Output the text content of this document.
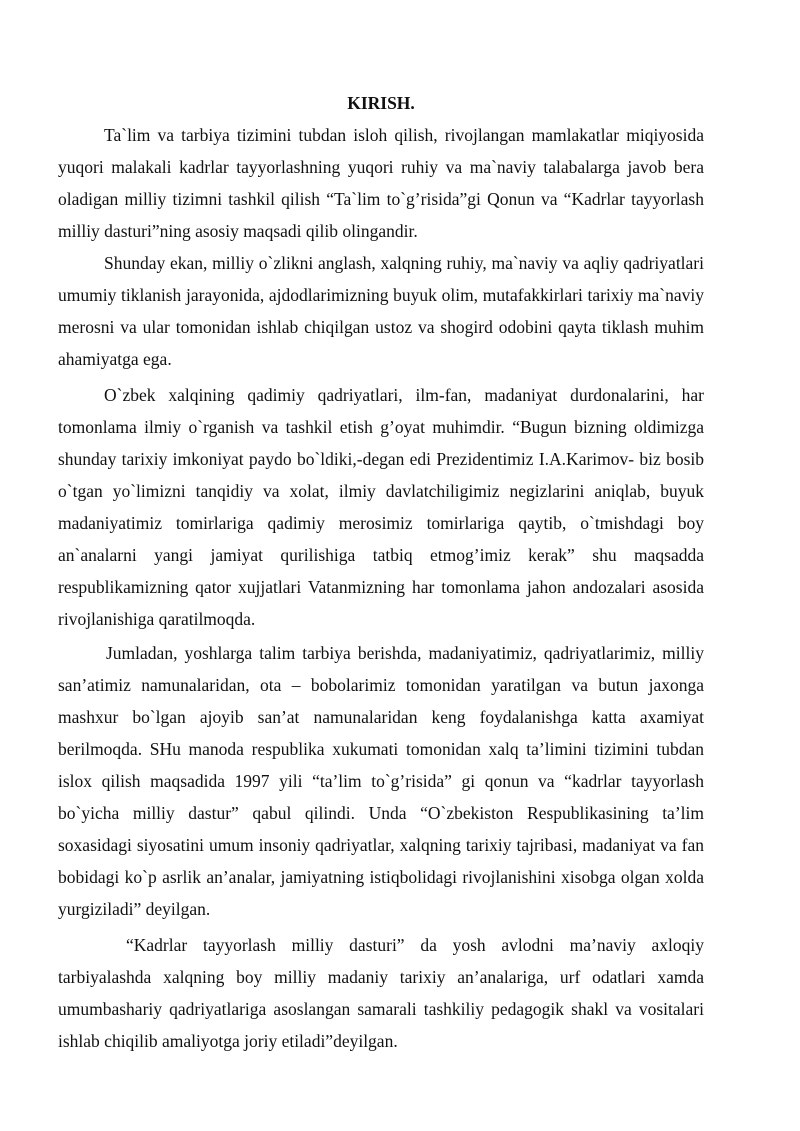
KIRISH.

Ta`lim va tarbiya tizimini tubdan isloh qilish, rivojlangan mamlakatlar miqiyosida yuqori malakali kadrlar tayyorlashning yuqori ruhiy va ma`naviy talabalarga javob bera oladigan milliy tizimni tashkil qilish “Ta`lim to`g’risida”gi Qonun va “Kadrlar tayyorlash milliy dasturi”ning asosiy maqsadi qilib olingandir.

Shunday ekan, milliy o`zlikni anglash, xalqning ruhiy, ma`naviy va aqliy qadriyatlari umumiy tiklanish jarayonida, ajdodlarimizning buyuk olim, mutafakkirlari tarixiy ma`naviy merosni va ular tomonidan ishlab chiqilgan ustoz va shogird odobini qayta tiklash muhim ahamiyatga ega.

O`zbek xalqining qadimiy qadriyatlari, ilm-fan, madaniyat durdonalarini, har tomonlama ilmiy o`rganish va tashkil etish g’oyat muhimdir. “Bugun bizning oldimizga shunday tarixiy imkoniyat paydo bo`ldiki,-degan edi Prezidentimiz I.A.Karimov- biz bosib o`tgan yo`limizni tanqidiy va xolat, ilmiy davlatchiligimiz negizlarini aniqlab, buyuk madaniyatimiz tomirlariga qadimiy merosimiz tomirlariga qaytib, o`tmishdagi boy an`analarni yangi jamiyat qurilishiga tatbiq etmog’imiz kerak” shu maqsadda respublikamizning qator xujjatlari Vatanmizning har tomonlama jahon andozalari asosida rivojlanishiga qaratilmoqda.

Jumladan, yoshlarga talim tarbiya berishda, madaniyatimiz, qadriyatlarimiz, milliy san’atimiz namunalaridan, ota – bobolarimiz tomonidan yaratilgan va butun jaxonga mashxur bo`lgan ajoyib san’at namunalaridan keng foydalanishga katta axamiyat berilmoqda. SHu manoda respublika xukumati tomonidan xalq ta’limini tizimini tubdan islox qilish maqsadida 1997 yili “ta’lim to`g’risida” gi qonun va “kadrlar tayyorlash bo`yicha milliy dastur” qabul qilindi. Unda “O`zbekiston Respublikasining ta’lim soxasidagi siyosatini umum insoniy qadriyatlar, xalqning tarixiy tajribasi, madaniyat va fan bobidagi ko`p asrlik an’analar, jamiyatning istiqbolidagi rivojlanishini xisobga olgan xolda yurgiziladi” deyilgan.

“Kadrlar tayyorlash milliy dasturi” da yosh avlodni ma’naviy axloqiy tarbiyalashda xalqning boy milliy madaniy tarixiy an’analariga, urf odatlari xamda umumbashariy qadriyatlariga asoslangan samarali tashkiliy pedagogik shakl va vositalari ishlab chiqilib amaliyotga joriy etiladi”deyilgan.
